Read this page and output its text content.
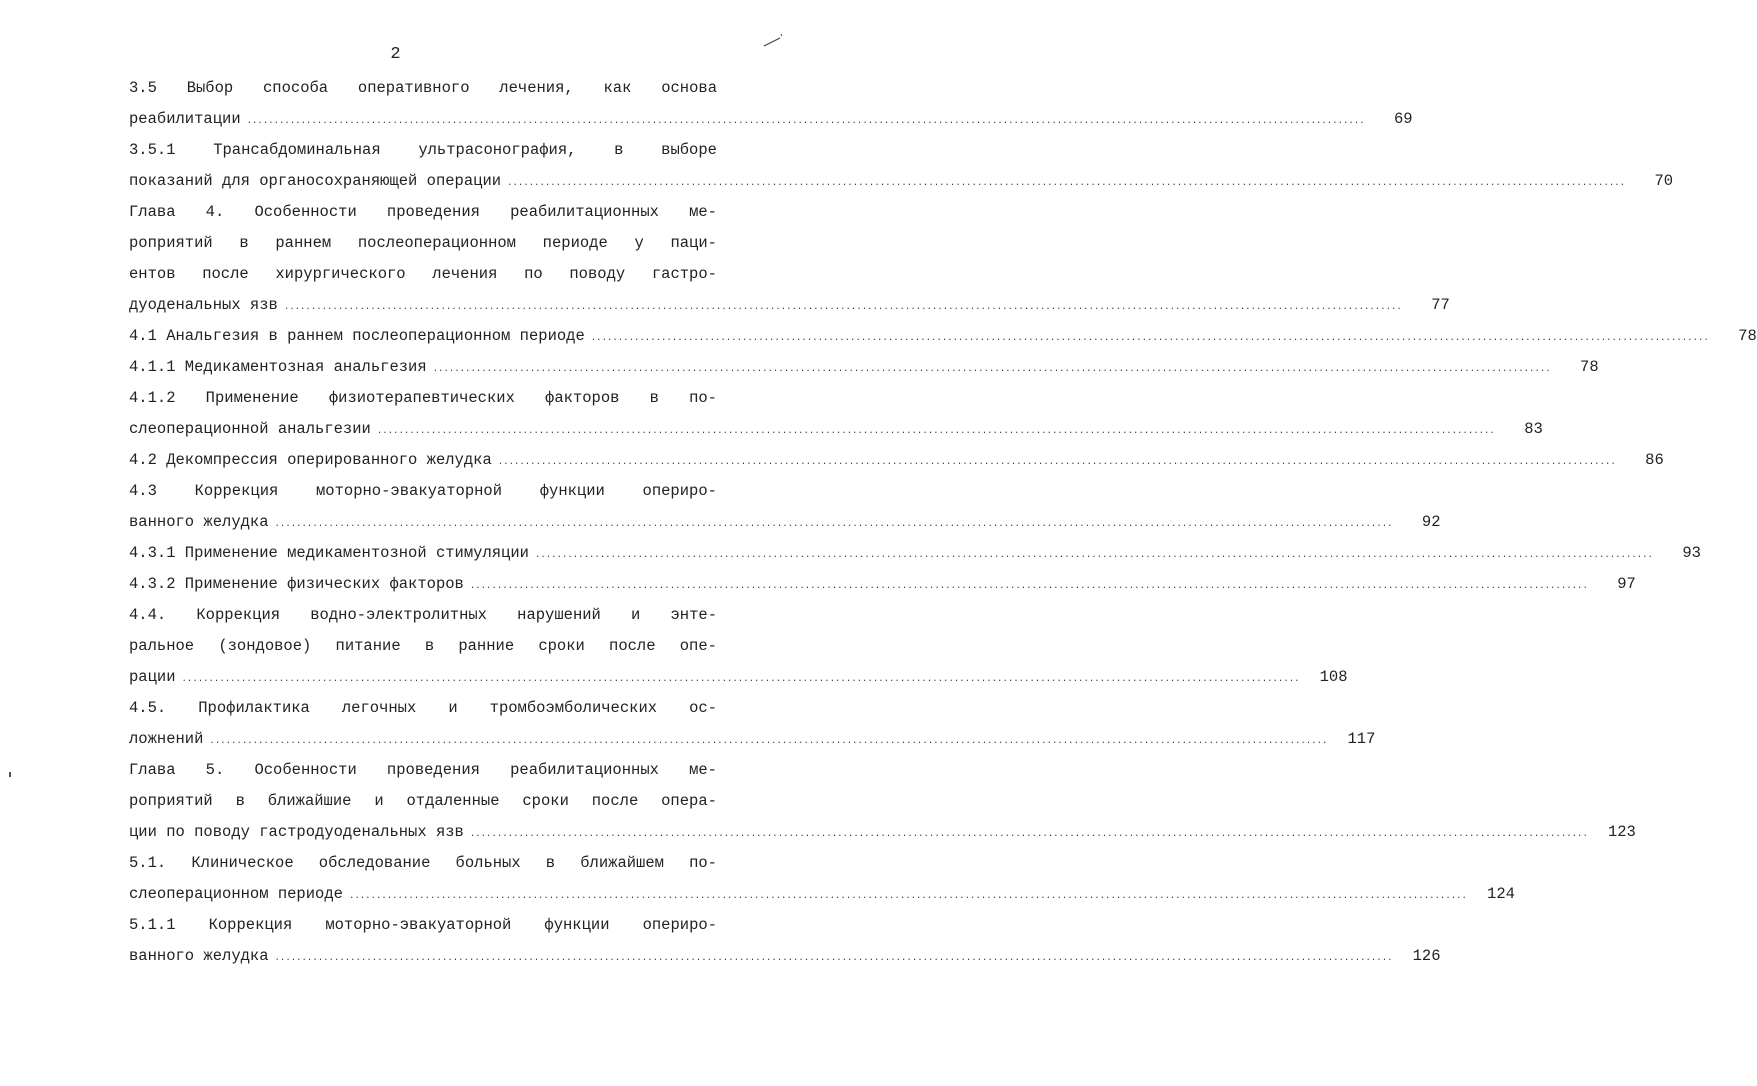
2
3.5 Выбор способа оперативного лечения, как основа
реабилитации ...............................................................................................................................................................................................................	69
3.5.1 Трансабдоминальная ультрасонография, в выборе
показаний для органосохраняющей операции ...............................................................................................................................................................................................................	70
Глава 4. Особенности проведения реабилитационных ме-
роприятий в раннем послеоперационном периоде у паци-
ентов после хирургического лечения по поводу гастро-
дуоденальных язв ...............................................................................................................................................................................................................	77
4.1 Анальгезия в раннем послеоперационном периоде ...............................................................................................................................................................................................................	78
4.1.1 Медикаментозная анальгезия ...............................................................................................................................................................................................................	78
4.1.2 Применение физиотерапевтических факторов в по-
слеоперационной анальгезии ...............................................................................................................................................................................................................	83
4.2 Декомпрессия оперированного желудка ...............................................................................................................................................................................................................	86
4.3 Коррекция моторно-эвакуаторной функции опериро-
ванного желудка ...............................................................................................................................................................................................................	92
4.3.1 Применение медикаментозной стимуляции ...............................................................................................................................................................................................................	93
4.3.2 Применение физических факторов ...............................................................................................................................................................................................................	97
4.4. Коррекция водно-электролитных нарушений и энте-
ральное (зондовое) питание в ранние сроки после опе-
рации ...............................................................................................................................................................................................................	108
4.5. Профилактика легочных и тромбоэмболических ос-
ложнений ...............................................................................................................................................................................................................	117
Глава 5. Особенности проведения реабилитационных ме-
роприятий в ближайшие и отдаленные сроки после опера-
ции по поводу гастродуоденальных язв ...............................................................................................................................................................................................................	123
5.1. Клиническое обследование больных в ближайшем по-
слеоперационном периоде ...............................................................................................................................................................................................................	124
5.1.1 Коррекция моторно-эвакуаторной функции опериро-
ванного желудка ...............................................................................................................................................................................................................	126
